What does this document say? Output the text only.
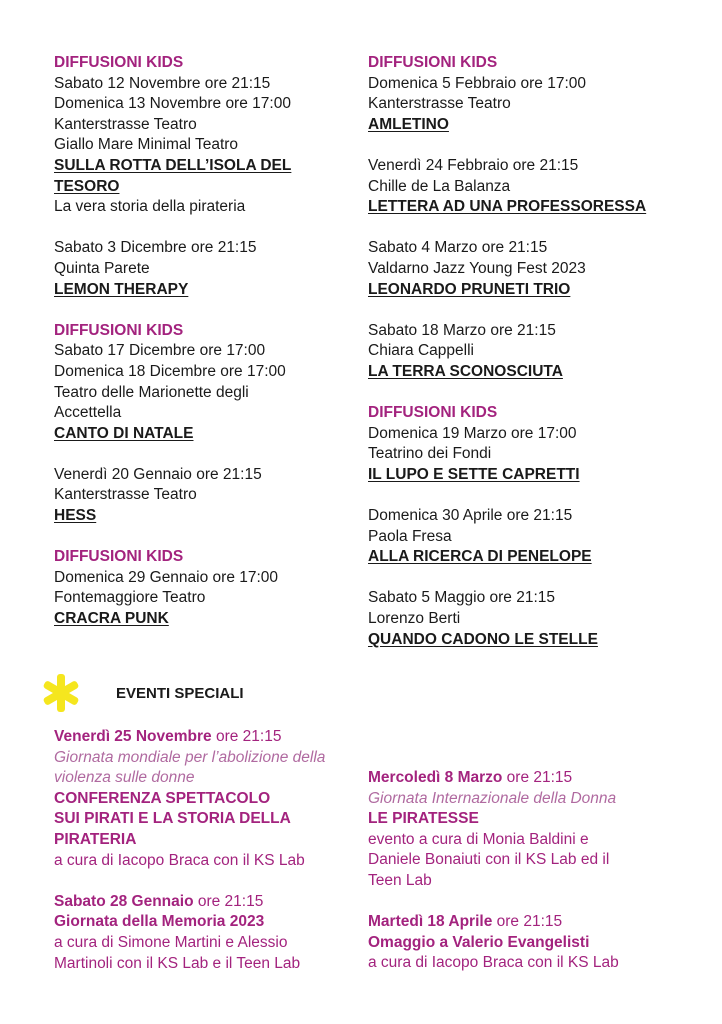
DIFFUSIONI KIDS
Sabato 12 Novembre ore 21:15
Domenica 13 Novembre ore 17:00
Kanterstrasse Teatro
Giallo Mare Minimal Teatro
SULLA ROTTA DELL’ISOLA DEL
TESORO
La vera storia della pirateria
Sabato 3 Dicembre ore 21:15
Quinta Parete
LEMON THERAPY
DIFFUSIONI KIDS
Sabato 17 Dicembre ore 17:00
Domenica 18 Dicembre ore 17:00
Teatro delle Marionette degli
Accettella
CANTO DI NATALE
Venerdì 20 Gennaio ore 21:15
Kanterstrasse Teatro
HESS
DIFFUSIONI KIDS
Domenica 29 Gennaio ore 17:00
Fontemaggiore Teatro
CRACRA PUNK
DIFFUSIONI KIDS
Domenica 5 Febbraio ore 17:00
Kanterstrasse Teatro
AMLETINO
Venerdì 24 Febbraio ore 21:15
Chille de La Balanza
LETTERA AD UNA PROFESSORESSA
Sabato 4 Marzo ore 21:15
Valdarno Jazz Young Fest 2023
LEONARDO PRUNETI TRIO
Sabato 18 Marzo ore 21:15
Chiara Cappelli
LA TERRA SCONOSCIUTA
DIFFUSIONI KIDS
Domenica 19 Marzo ore 17:00
Teatrino dei Fondi
IL LUPO E SETTE CAPRETTI
Domenica 30 Aprile ore 21:15
Paola Fresa
ALLA RICERCA DI PENELOPE
Sabato 5 Maggio ore 21:15
Lorenzo Berti
QUANDO CADONO LE STELLE
EVENTI SPECIALI
Venerdì 25 Novembre ore 21:15
Giornata mondiale per l’abolizione della
violenza sulle donne
CONFERENZA SPETTACOLO
SUI PIRATI E LA STORIA DELLA
PIRATERIA
a cura di Iacopo Braca con il KS Lab
Sabato 28 Gennaio ore 21:15
Giornata della Memoria 2023
a cura di Simone Martini e Alessio
Martinoli con il KS Lab e il Teen Lab
Mercoledì 8 Marzo ore 21:15
Giornata Internazionale della Donna
LE PIRATESSE
evento a cura di Monia Baldini e
Daniele Bonaiuti con il KS Lab ed il
Teen Lab
Martedì 18 Aprile ore 21:15
Omaggio a Valerio Evangelisti
a cura di Iacopo Braca con il KS Lab
